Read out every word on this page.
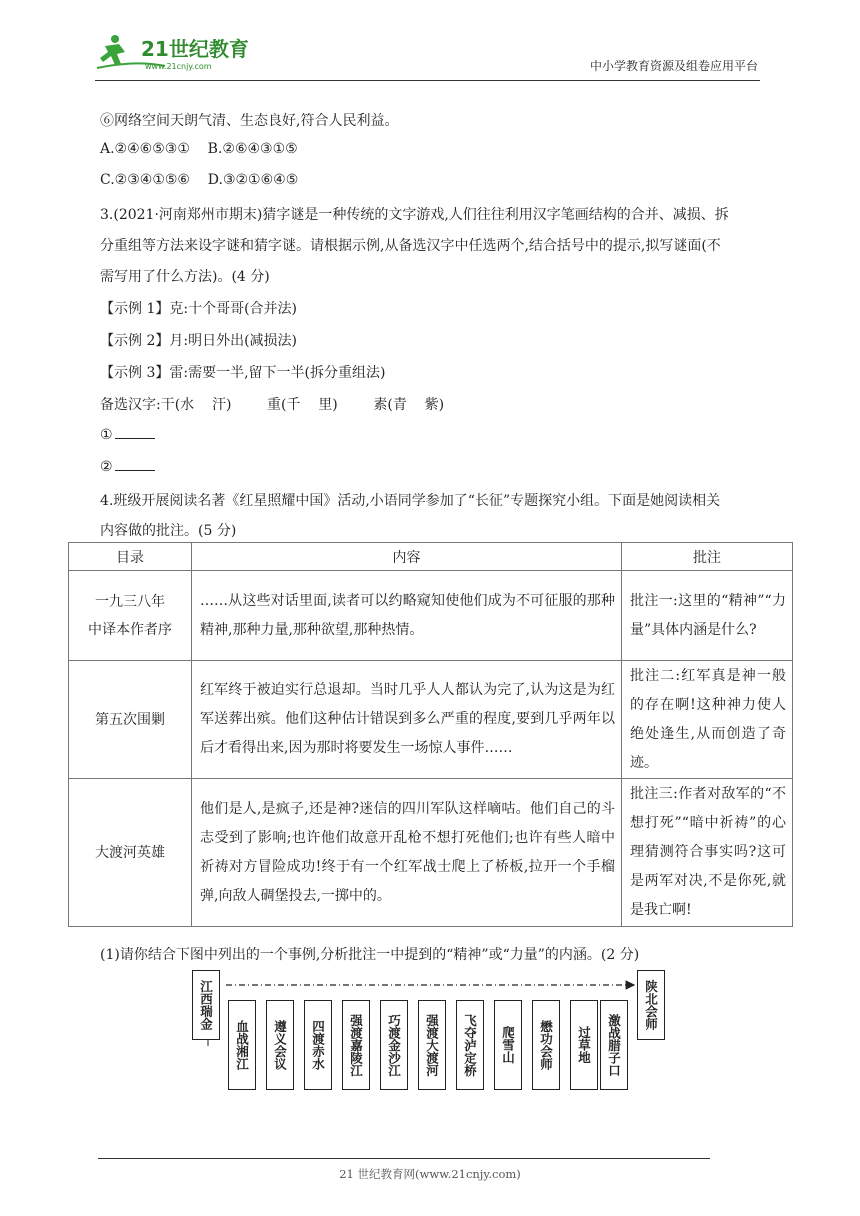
21世纪教育
www.21cnjy.com	中小学教育资源及组卷应用平台
⑥网络空间天朗气清、生态良好,符合人民利益。
A.②④⑥⑤③①    B.②⑥④③①⑤
C.②③④①⑤⑥    D.③②①⑥④⑤
3.(2021·河南郑州市期末)猜字谜是一种传统的文字游戏,人们往往利用汉字笔画结构的合并、减损、拆
分重组等方法来设字谜和猜字谜。请根据示例,从备选汉字中任选两个,结合括号中的提示,拟写谜面(不
需写用了什么方法)。(4 分)
【示例 1】克:十个哥哥(合并法)
【示例 2】月:明日外出(减损法)
【示例 3】雷:需要一半,留下一半(拆分重组法)
备选汉字:干(水    汗)        重(千    里)        素(青    紫)
①
②
4.班级开展阅读名著《红星照耀中国》活动,小语同学参加了“长征”专题探究小组。下面是她阅读相关
内容做的批注。(5 分)
目录	内容	批注

一九三八年
中译本作者序	……从这些对话里面,读者可以约略窥知使他们成为不可征服的那种精神,那种力量,那种欲望,那种热情。	批注一:这里的“精神”“力量”具体内涵是什么?

第五次围剿	红军终于被迫实行总退却。当时几乎人人都认为完了,认为这是为红军送葬出殡。他们这种估计错误到多么严重的程度,要到几乎两年以后才看得出来,因为那时将要发生一场惊人事件……	批注二:红军真是神一般的存在啊!这种神力使人绝处逢生,从而创造了奇迹。

大渡河英雄	他们是人,是疯子,还是神?迷信的四川军队这样嘀咕。他们自己的斗志受到了影响;也许他们故意开乱枪不想打死他们;也许有些人暗中祈祷对方冒险成功!终于有一个红军战士爬上了桥板,拉开一个手榴弹,向敌人碉堡投去,一掷中的。	批注三:作者对敌军的“不想打死”“暗中祈祷”的心理猜测符合事实吗?这可是两军对决,不是你死,就是我亡啊!
(1)请你结合下图中列出的一个事例,分析批注一中提到的“精神”或“力量”的内涵。(2 分)
江西瑞金	陕北会师
血战湘江	遵义会议	四渡赤水	强渡嘉陵江	巧渡金沙江	强渡大渡河	飞夺泸定桥	爬雪山	懋功会师	过草地	激战腊子口
21 世纪教育网(www.21cnjy.com)
